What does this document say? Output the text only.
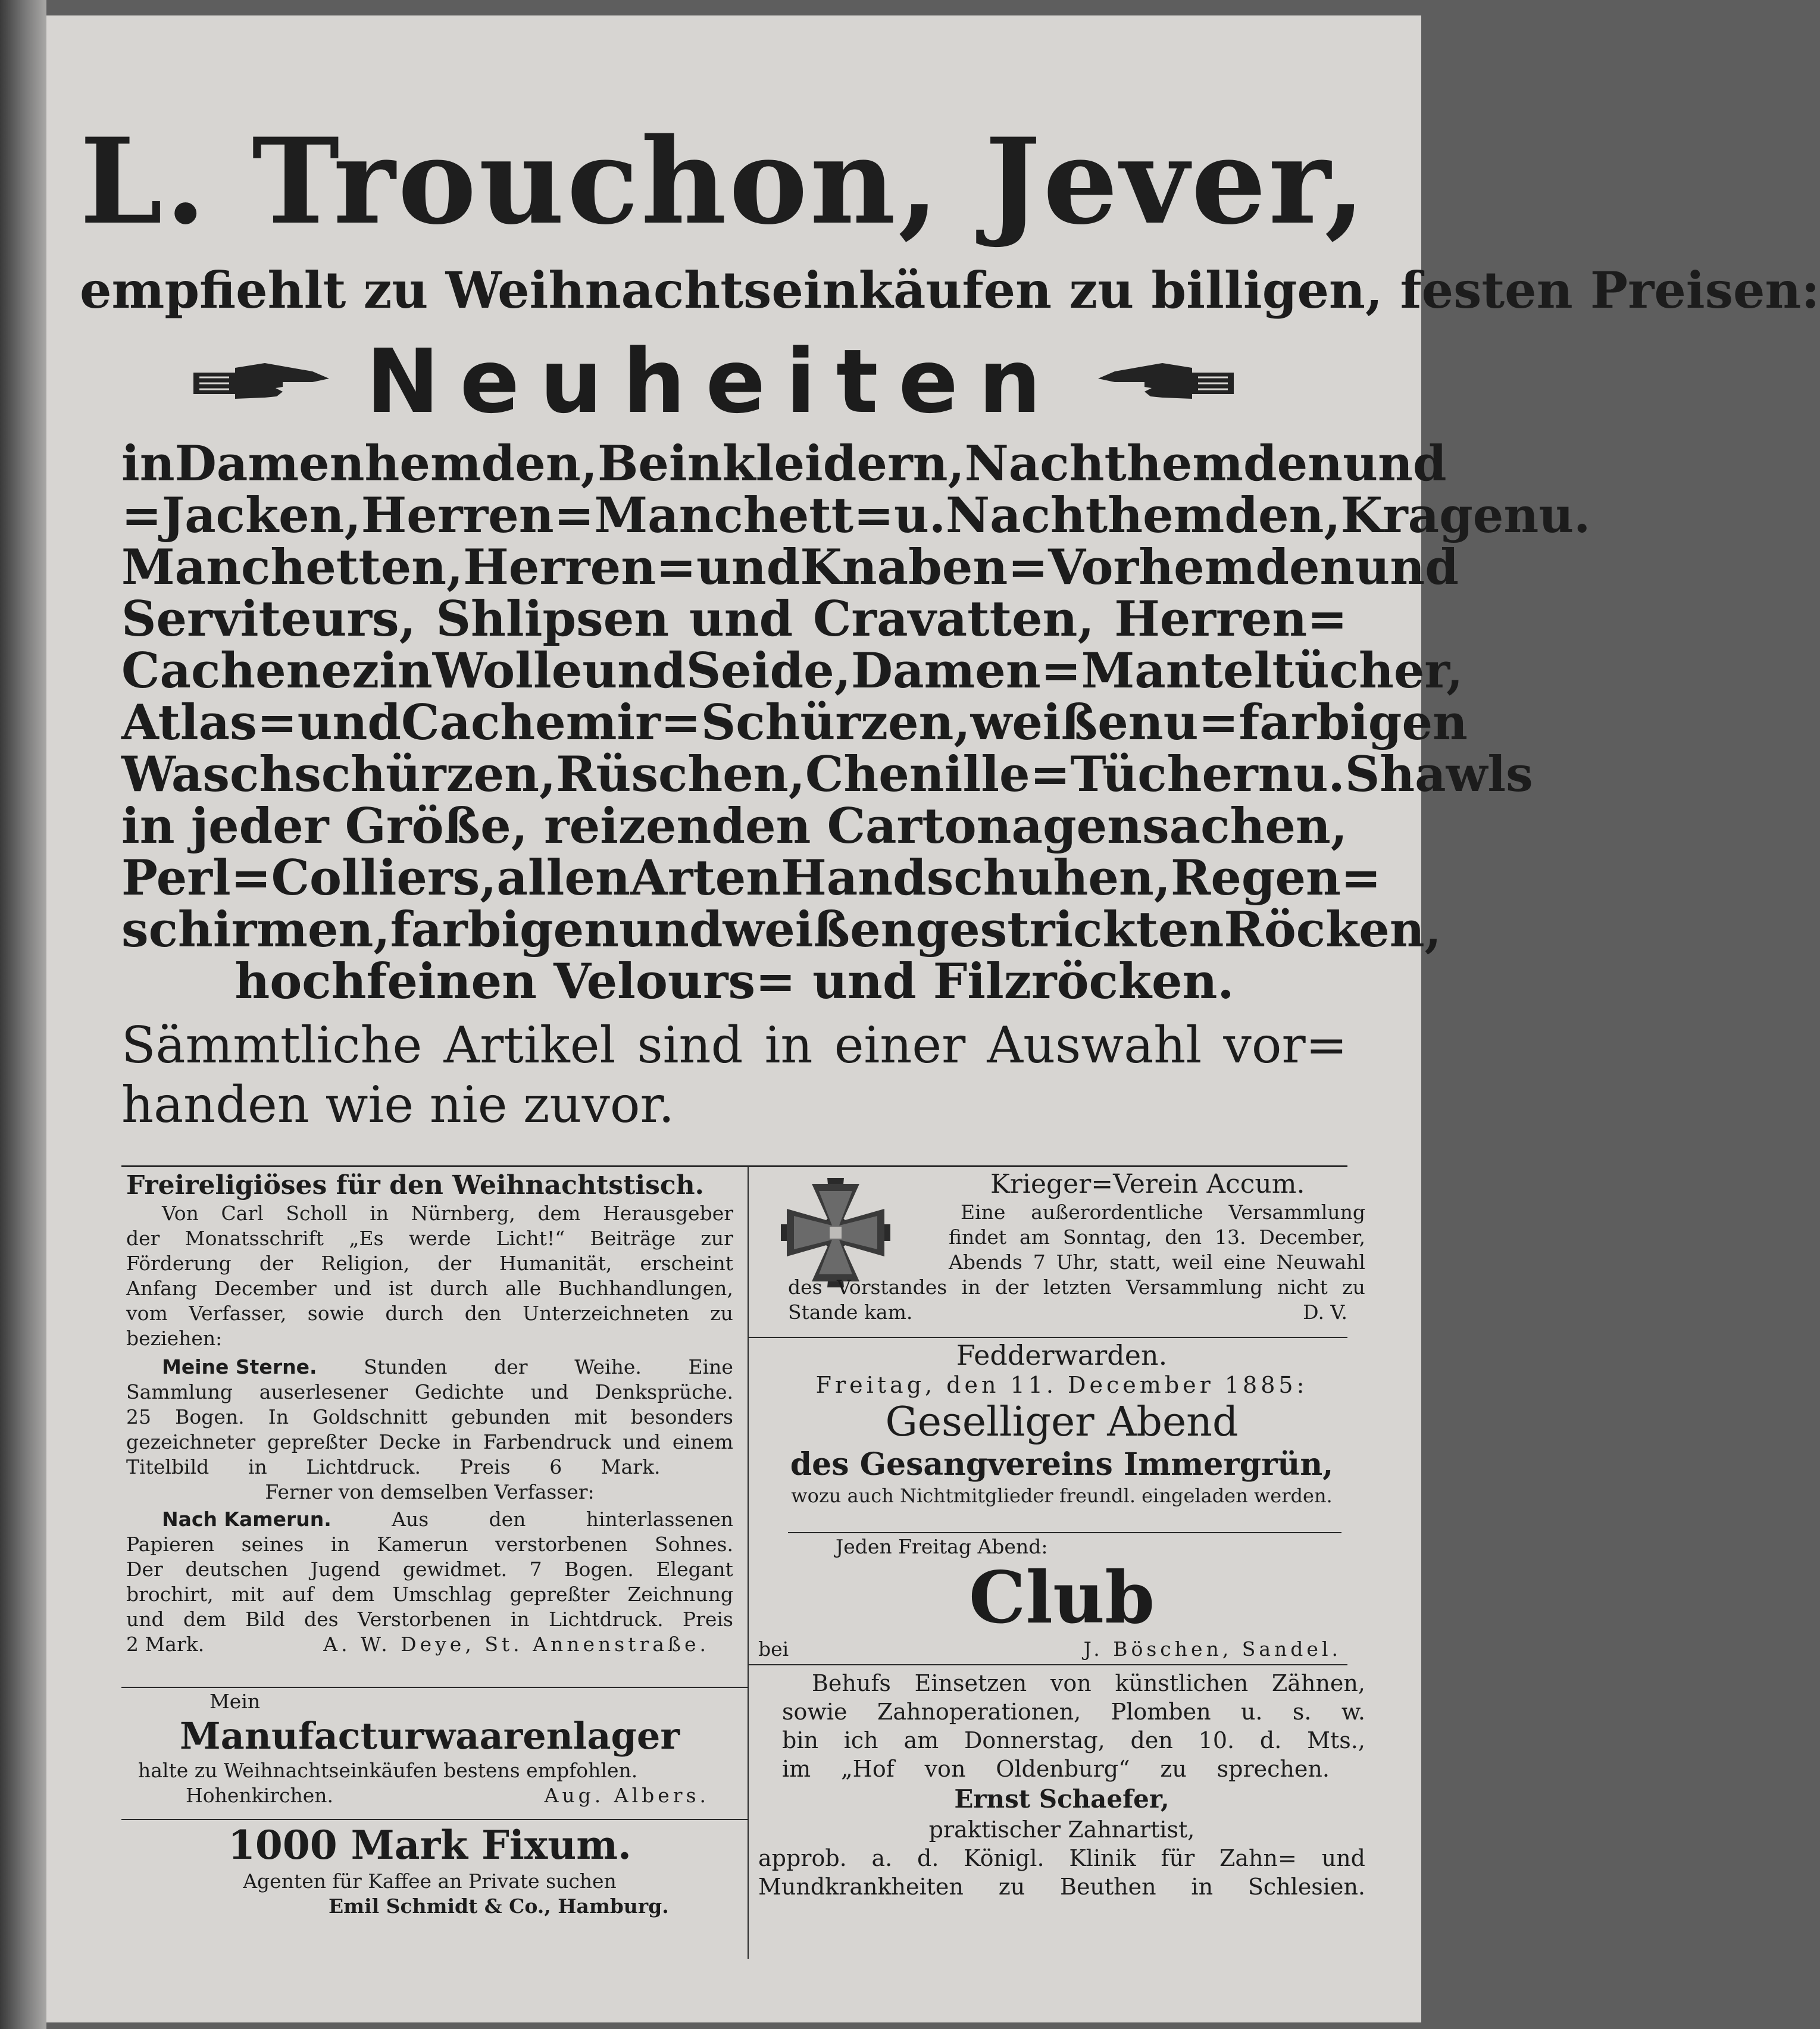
L. Trouchon, Jever,
empfiehlt zu Weihnachtseinkäufen zu billigen, festen Preisen:
Neuheiten
in Damenhemden, Beinkleidern, Nachthemden und
=Jacken, Herren=Manchett= u. Nachthemden, Kragen u.
Manchetten, Herren= und Knaben=Vorhemden und
Serviteurs, Shlipsen und Cravatten, Herren=
Cachenez in Wolle und Seide, Damen=Manteltücher,
Atlas= und Cachemir=Schürzen, weißen u= farbigen
Waschschürzen, Rüschen, Chenille=Tüchern u. Shawls
in jeder Größe, reizenden Cartonagensachen,
Perl=Colliers, allen Arten Handschuhen, Regen=
schirmen, farbigen und weißen gestrickten Röcken,
hochfeinen Velours= und Filzröcken.
Sämmtliche Artikel sind in einer Auswahl vor=
handen wie nie zuvor.
Freireligiöses für den Weihnachtstisch.
Von Carl Scholl in Nürnberg, dem Herausgeber
der Monatsschrift „Es werde Licht!“ Beiträge zur
Förderung der Religion, der Humanität, erscheint
Anfang December und ist durch alle Buchhandlungen,
vom Verfasser, sowie durch den Unterzeichneten zu
beziehen:
Meine Sterne. Stunden der Weihe. Eine
Sammlung auserlesener Gedichte und Denksprüche.
25 Bogen. In Goldschnitt gebunden mit besonders
gezeichneter gepreßter Decke in Farbendruck und einem
Titelbild in Lichtdruck. Preis 6 Mark.
Ferner von demselben Verfasser:
Nach Kamerun.	Aus	den	hinterlassenen
Papieren seines in Kamerun verstorbenen Sohnes.
Der deutschen Jugend gewidmet. 7 Bogen. Elegant
brochirt, mit auf dem Umschlag gepreßter Zeichnung
und dem Bild des Verstorbenen in Lichtdruck. Preis
2 Mark.	A. W. Deye, St. Annenstraße.
Mein
Manufacturwaarenlager
halte zu Weihnachtseinkäufen bestens empfohlen.
Hohenkirchen.	Aug. Albers.
1000 Mark Fixum.
Agenten für Kaffee an Private suchen
Emil Schmidt & Co., Hamburg.
Krieger=Verein Accum.
Eine außerordentliche Versammlung
findet am Sonntag, den 13. December,
Abends 7 Uhr, statt, weil eine Neuwahl
des Vorstandes in der letzten Versammlung nicht zu
Stande kam.	D. V.
Fedderwarden.
Freitag, den 11. December 1885:
Geselliger Abend
des Gesangvereins Immergrün,
wozu auch Nichtmitglieder freundl. eingeladen werden.
Jeden Freitag Abend:
Club
bei	J. Böschen, Sandel.
Behufs Einsetzen von künstlichen Zähnen,
sowie Zahnoperationen, Plomben u. s. w.
bin ich am Donnerstag, den 10. d. Mts.,
im „Hof von Oldenburg“ zu sprechen.
Ernst Schaefer,
praktischer Zahnartist,
approb. a. d. Königl. Klinik für Zahn= und
Mundkrankheiten zu Beuthen in Schlesien.
